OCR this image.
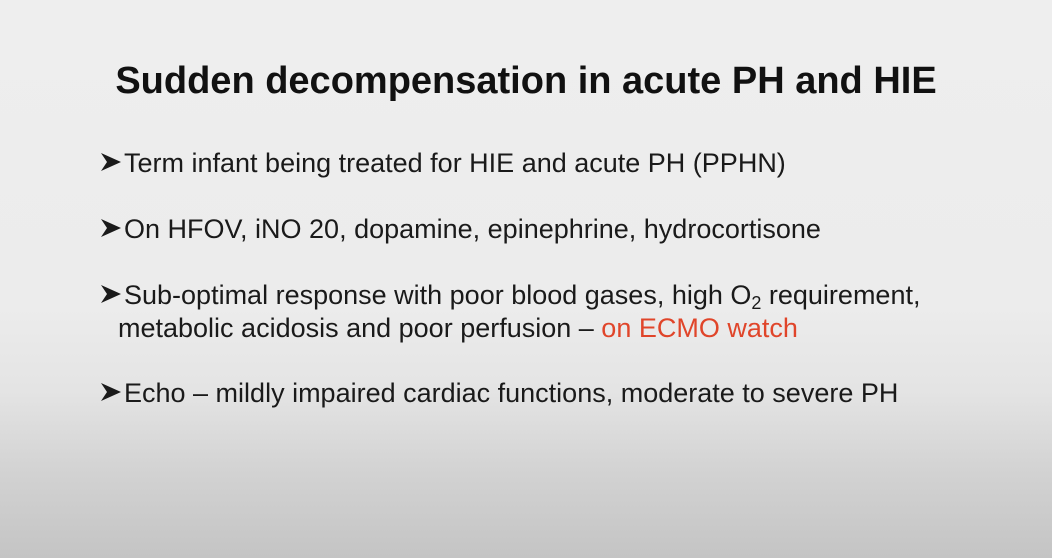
Sudden decompensation in acute PH and HIE
Term infant being treated for HIE and acute PH (PPHN)
On HFOV, iNO 20, dopamine, epinephrine, hydrocortisone
Sub-optimal response with poor blood gases, high $O_2$ requirement,
metabolic acidosis and poor perfusion – on ECMO watch
Echo – mildly impaired cardiac functions, moderate to severe PH
